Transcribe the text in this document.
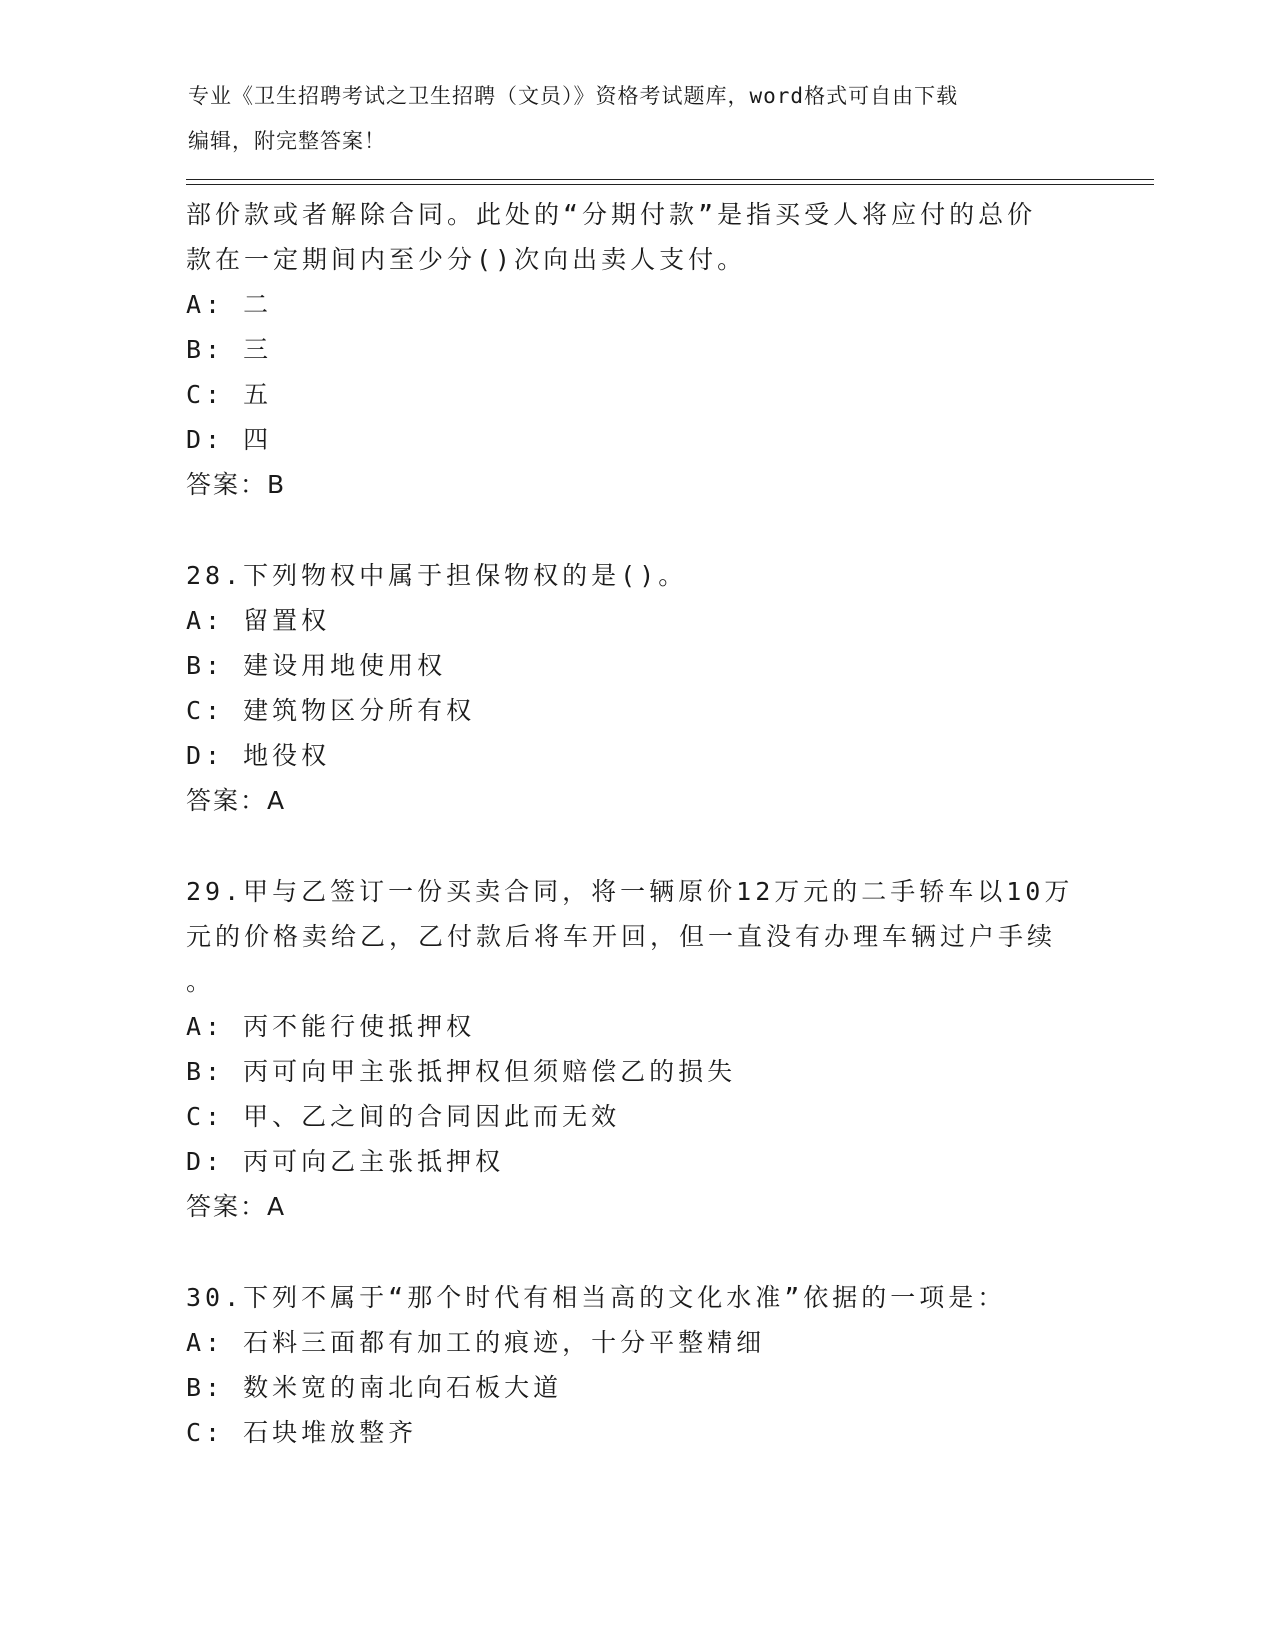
专业《卫生招聘考试之卫生招聘（文员）》资格考试题库，word格式可自由下载
编辑，附完整答案！
部价款或者解除合同。此处的“分期付款”是指买受人将应付的总价
款在一定期间内至少分()次向出卖人支付。
A: 二
B: 三
C: 五
D: 四
答案：B
28.下列物权中属于担保物权的是()。
A: 留置权
B: 建设用地使用权
C: 建筑物区分所有权
D: 地役权
答案：A
29.甲与乙签订一份买卖合同，将一辆原价12万元的二手轿车以10万
元的价格卖给乙，乙付款后将车开回，但一直没有办理车辆过户手续
。
A: 丙不能行使抵押权
B: 丙可向甲主张抵押权但须赔偿乙的损失
C: 甲、乙之间的合同因此而无效
D: 丙可向乙主张抵押权
答案：A
30.下列不属于“那个时代有相当高的文化水准”依据的一项是：
A: 石料三面都有加工的痕迹，十分平整精细
B: 数米宽的南北向石板大道
C: 石块堆放整齐
